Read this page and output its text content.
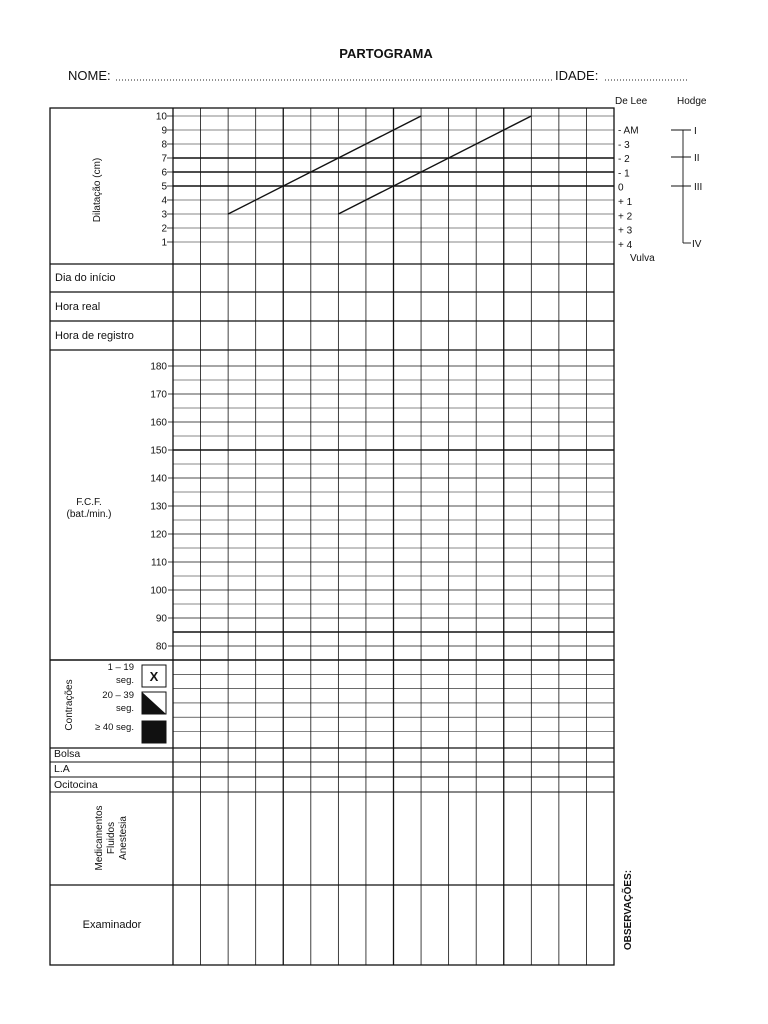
PARTOGRAMA
NOME:	IDADE:
Dilatação (cm)
Dia do início
Hora real
Hora de registro
F.C.F.
(bat./min.)
Contrações
1 – 19
seg.
20 – 39
seg.
≥ 40 seg.
X
Bolsa
L.A
Ocitocina
Medicamentos Fluidos Anestesia
Examinador
De Lee	Hodge
Vulva
OBSERVAÇÕES:
10
9
8
7
6
5
4
3
2
1
180
170
160
150
140
130
120
110
100
90
80
- AM
- 3
- 2
- 1
0
+ 1
+ 2
+ 3
+ 4
I
II
III
IV
